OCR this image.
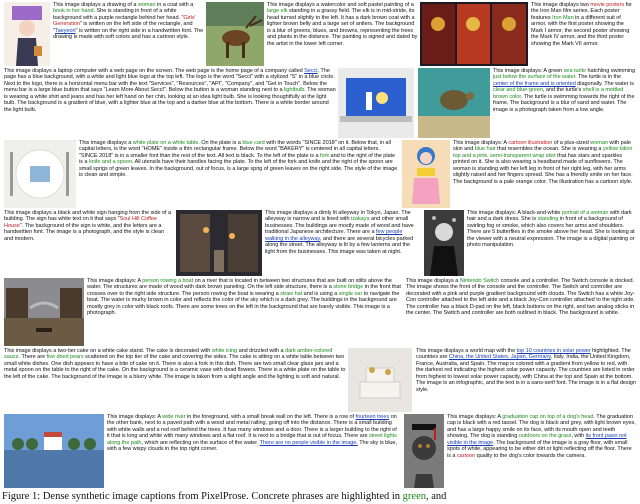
This image displays a drawing of a woman in a coat with a book in her hand. She is standing in front of a white background with a purple rectangle behind her head. "Girls' Generation" is written on the left side of the rectangle, and "Taeyeon" is written on the right side in a handwritten font. The drawing is made with soft colors and has a cartoon style.
This image displays a watercolor and soft pastel painting of a large elk standing in a grassy field. The elk is in mid-stride, its head turned slightly to the left. It has a dark brown coat with a lighter brown belly and a large set of antlers. The background is a blur of greens, blues, and browns, representing the trees and plants in the distance. The painting is signed and dated by the artist in the lower left corner.
This image displays two movie posters for the Iron Man film series. Each poster features Iron Man in a different suit of armor, with the first poster showing the Mark I armor, the second poster showing the Mark IV armor, and the third poster showing the Mark VII armor.
This image displays a laptop computer with a web page on the screen. The web page is the home page of a company called Seccl. The page has a blue background, with a white and light blue logo at the top left. The logo is the word "Seccl" with a stylized "S" in a blue circle. Next to the logo, there is a horizontal menu bar with the text "Services", "Resources", "API", "Company", and "Get in Touch". Below the menu bar is a large blue button that says "Learn More About Seccl". Below the button is a woman standing next to a lightbulb. The woman is wearing a white shirt and jeans and has her left hand on her chin, looking at an idea light bulb. She is looking thoughtfully at the light bulb. The background is a gradient of blue, with a lighter blue at the top and a darker blue at the bottom. There is a white border around the light bulb.
This image displays: A green sea turtle hatchling swimming just below the surface of the water. The turtle is in the center of the frame and is oriented diagonally. The water is clear and blue-green, and the turtle's shell is a mottled brown color. The turtle is swimming towards the right of the frame. The background is a blur of sand and water. The image is a photograph taken from a low angle.
This image displays a white plate on a white table. On the plate is a blue card with the words "SINCE 2018" on it. Below that, in all capital letters, is the word "HOME" inside a thin rectangular frame. Below the word "BAKERY" is centered in all capital letters. "SINCE 2018" is in a smaller font than the rest of the text. All text is black. To the left of the plate is a fork and to the right of the plate is a knife and a spoon. All utensils have their handles facing the plate. To the left of the fork and knife and the right of the spoon are small sprigs of green leaves. In the background, out of focus, is a large sprig of green leaves on the right side. The style of the image is clean and simple.
This image displays: A cartoon illustration of a plus-sized woman with pale skin and blue hair that resembles the ocean. She is wearing a yellow bikini top and a pink, semi-transparent wrap skirt that has stars and sparkles printed on it. She is also wearing a headband made of sunflowers. The woman is standing with her left leg in front of her right leg, with her arms slightly raised and her fingers spread. She has a friendly smile on her face. The background is a pale orange color. The illustration has a cartoon style.
This image displays a black and white sign hanging from the side of a building. The sign has white text on it that says "Soul Hill Coffee House". The background of the sign is white, and the letters are a handwritten font. The image is a photograph, and the style is clean and modern.
This image displays a dimly lit alleyway in Tokyo, Japan. The alleyway is narrow and is lined with izakaya and other small businesses. The buildings are mostly made of wood and have traditional Japanese architecture. There are a few people walking in the alleyway, and there are several bicycles parked along the street. The alleyway is lit by a few lanterns and the light from the businesses. This image was taken at night.
This image displays: A black-and-white portrait of a woman with dark hair and a dark dress. She is standing in front of a background of swirling fog or smoke, which also covers her arms and shoulders. There are 5 butterflies in the smoke above her head. She is looking at the viewer with a neutral expression. The image is a digital painting or photo manipulation.
This image displays: A person rowing a boat on a river that is located in between two structures that are built on stilts above the water. The structures are made of wood with dark brown paneling. On the left side structure, there is a stone bridge in the front that crosses over to the right side structure. The person rowing the boat is wearing a straw hat and is using a single oar to navigate the boat. The water is murky brown in color and reflects the color of the sky which is a dark grey. The buildings in the background are mostly grey in color with black roofs. There are some trees on the left in the background that are barely visible. This image is a photograph.
This image displays a Nintendo Switch console and a controller. The Switch console is docked. The image shows the front of the console and the controller. The Switch and controller are decorated with a pink and purple gradient background with clouds. The Switch has a white Joy-Con controller attached to the left side and a black Joy-Con controller attached to the right side. The controller has a black D-pad on the left, black buttons on the right, and two analog sticks in the center. The Switch and controller are both outlined in black. The background is white.
This image displays a two-tier cake on a white cake stand. The cake is decorated with white icing and drizzled with a dark amber-colored sauce. There are five dried pears scattered on the top tier of the cake and covering the sides. The cake is sitting on a white table between two small white dishes. One dish appears to have a bite of cake on it. There is also a fork in this dish. There are two small clear glass jars and a metal spoon on the table to the right of the cake. On the background is a ceramic vase with dead flowers. There is a white plate on the table to the left of the cake. The background of the image is a blurry white. The image is taken from a slight angle and the lighting is soft and natural.
This image displays a world map with the top 10 countries in solar power highlighted. The countries are China, the United States, Japan, Germany, Italy, India, the United Kingdom, France, Australia, and Spain. The map is colored with a gradient from yellow to red, with the darkest red indicating the highest solar power capacity. The countries are listed in order from highest to lowest solar power capacity, with China at the top and Spain at the bottom. The image is an infographic, and the text is in a sans-serif font. The image is in a flat design style.
This image displays: A wide river in the foreground, with a small break wall on the left. There is a row of fourteen trees on the other bank, next to a paved path with a wood and metal railing, going off into the distance. There is a small building with white walls and a red roof behind the trees. It has many windows and a door. There is a larger building to the right of it that is long and white with many windows and a flat roof. It is next to a bridge that is out of focus. There are street lights along the path, which are reflecting on the surface of the water. There are no people visible in the image. The sky is blue, with a few wispy clouds in the top right corner.
This image displays: A graduation cap on top of a dog's head. The graduation cap is black with a red tassel. The dog is black and grey, with light brown eyes, and has a large happy smile on its face, with its mouth open and teeth showing. The dog is standing outdoors on the grass, with its front paws not visible in the image. The background of the image is a gray floor, with small spots of white, appearing to be either dirt or light reflecting off the floor. There is a cartoon quality to the dog's color towards the camera.
Figure 1: Dense synthetic image captions from PixelProse. Concrete phrases are highlighted in green, and
